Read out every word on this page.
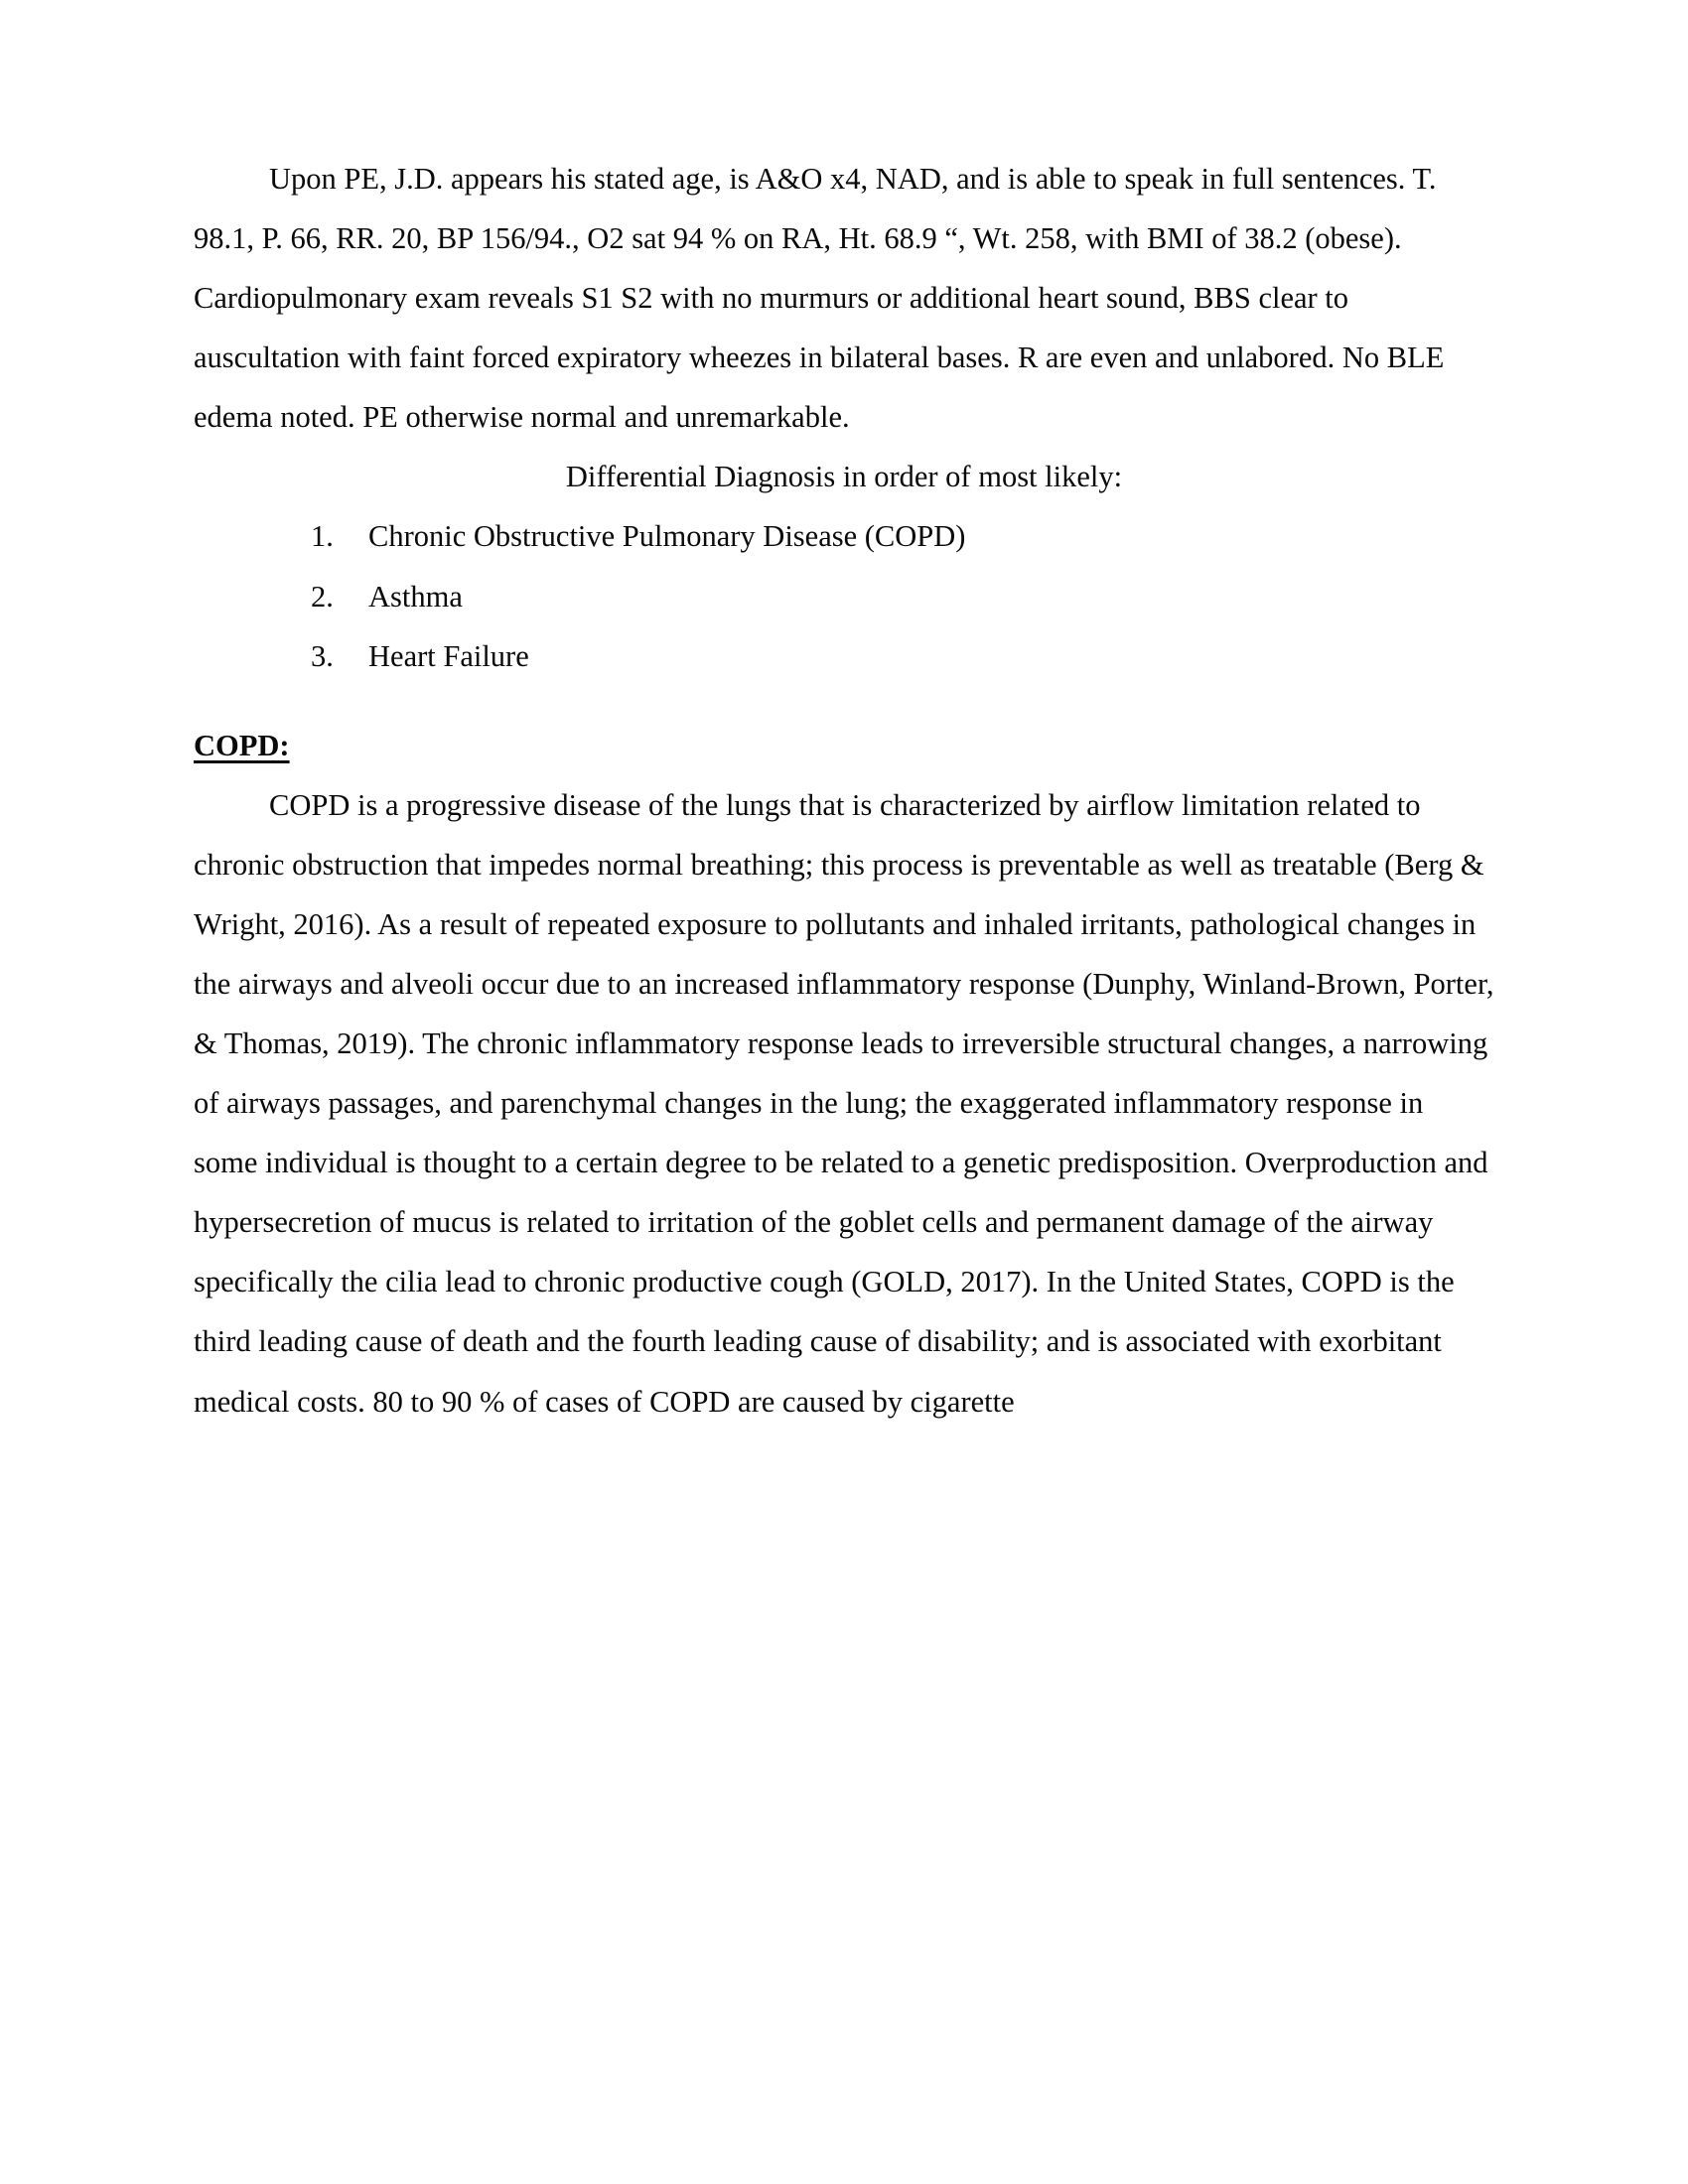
Upon PE, J.D. appears his stated age, is A&O x4, NAD, and is able to speak in full sentences. T. 98.1, P. 66, RR. 20, BP 156/94., O2 sat 94 % on RA, Ht. 68.9 “, Wt. 258, with BMI of 38.2 (obese). Cardiopulmonary exam reveals S1 S2 with no murmurs or additional heart sound, BBS clear to auscultation with faint forced expiratory wheezes in bilateral bases. R are even and unlabored. No BLE edema noted. PE otherwise normal and unremarkable.

Differential Diagnosis in order of most likely:

1. Chronic Obstructive Pulmonary Disease (COPD)
2. Asthma
3. Heart Failure

COPD:

COPD is a progressive disease of the lungs that is characterized by airflow limitation related to chronic obstruction that impedes normal breathing; this process is preventable as well as treatable (Berg & Wright, 2016). As a result of repeated exposure to pollutants and inhaled irritants, pathological changes in the airways and alveoli occur due to an increased inflammatory response (Dunphy, Winland-Brown, Porter, & Thomas, 2019). The chronic inflammatory response leads to irreversible structural changes, a narrowing of airways passages, and parenchymal changes in the lung; the exaggerated inflammatory response in some individual is thought to a certain degree to be related to a genetic predisposition. Overproduction and hypersecretion of mucus is related to irritation of the goblet cells and permanent damage of the airway specifically the cilia lead to chronic productive cough (GOLD, 2017). In the United States, COPD is the third leading cause of death and the fourth leading cause of disability; and is associated with exorbitant medical costs. 80 to 90 % of cases of COPD are caused by cigarette
